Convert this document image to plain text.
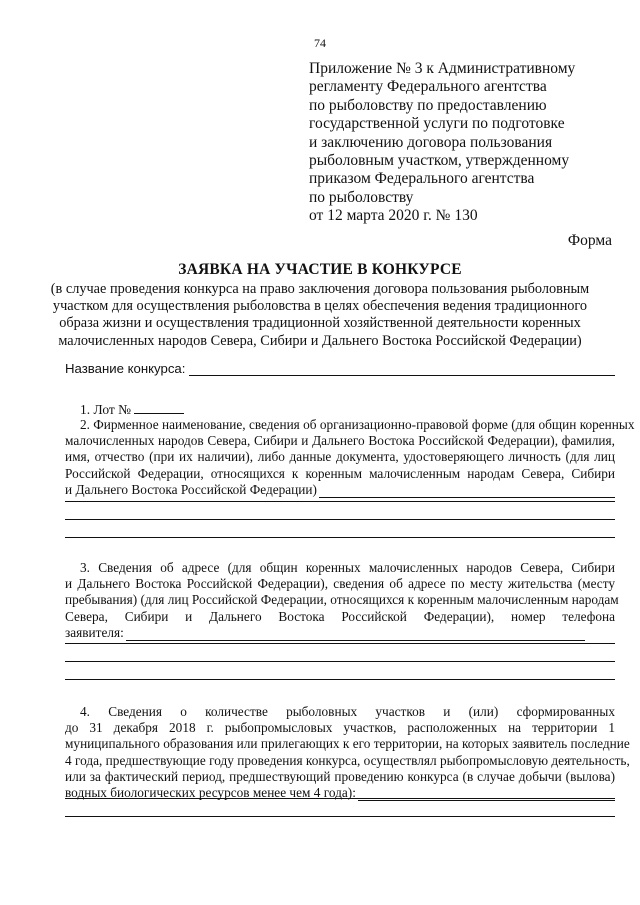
74
Приложение № 3 к Административному
регламенту Федерального агентства
по рыболовству по предоставлению
государственной услуги по подготовке
и заключению договора пользования
рыболовным участком, утвержденному
приказом Федерального агентства
по рыболовству
от 12 марта 2020 г. № 130
Форма
ЗАЯВКА НА УЧАСТИЕ В КОНКУРСЕ
(в случае проведения конкурса на право заключения договора пользования рыболовным
участком для осуществления рыболовства в целях обеспечения ведения традиционного
образа жизни и осуществления традиционной хозяйственной деятельности коренных
малочисленных народов Севера, Сибири и Дальнего Востока Российской Федерации)
Название конкурса:
1. Лот №
2. Фирменное наименование, сведения об организационно-правовой форме (для общин коренных
малочисленных народов Севера, Сибири и Дальнего Востока Российской Федерации), фамилия,
имя, отчество (при их наличии), либо данные документа, удостоверяющего личность (для лиц
Российской Федерации, относящихся к коренным малочисленным народам Севера, Сибири
и Дальнего Востока Российской Федерации)
3. Сведения об адресе (для общин коренных малочисленных народов Севера, Сибири
и Дальнего Востока Российской Федерации), сведения об адресе по месту жительства (месту
пребывания) (для лиц Российской Федерации, относящихся к коренным малочисленным народам
Севера, Сибири и Дальнего Востока Российской Федерации), номер телефона
заявителя:
4. Сведения о количестве рыболовных участков и (или) сформированных
до 31 декабря 2018 г. рыбопромысловых участков, расположенных на территории 1
муниципального образования или прилегающих к его территории, на которых заявитель последние
4 года, предшествующие году проведения конкурса, осуществлял рыбопромысловую деятельность,
или за фактический период, предшествующий проведению конкурса (в случае добычи (вылова)
водных биологических ресурсов менее чем 4 года):
